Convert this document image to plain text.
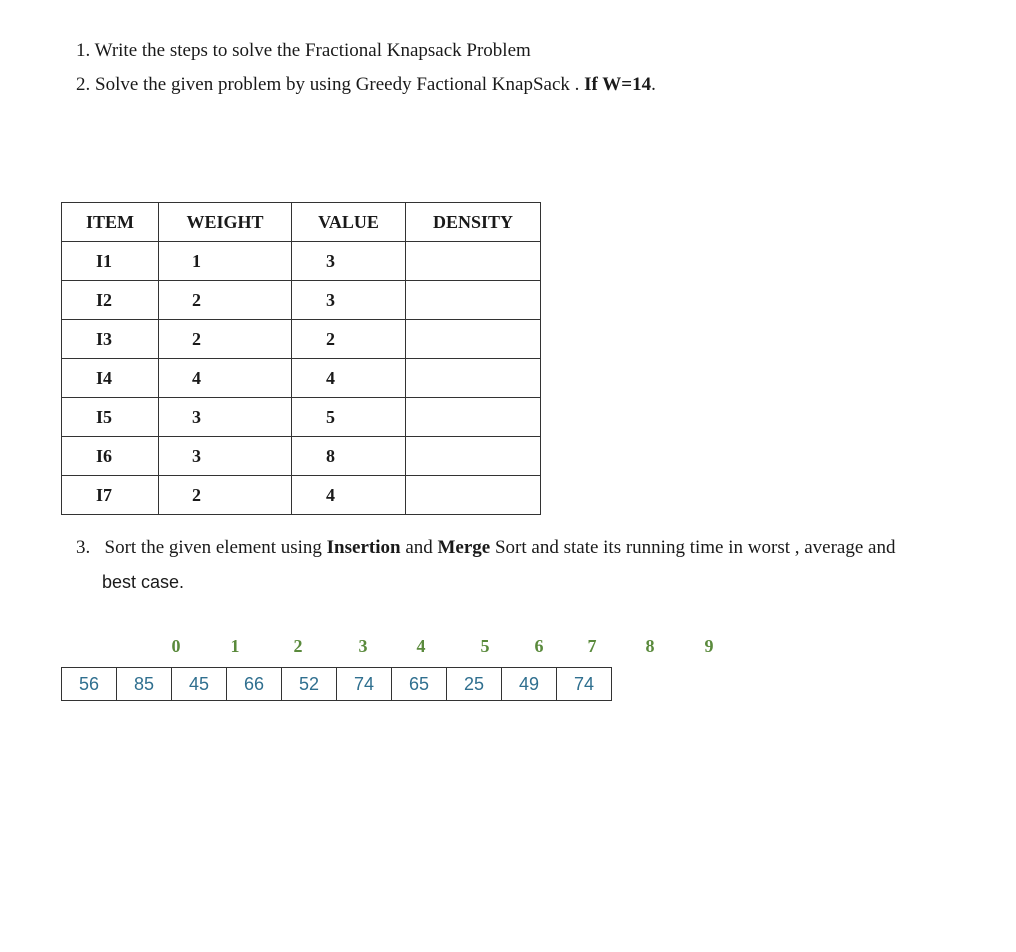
1. Write the steps to solve the Fractional Knapsack Problem
2. Solve the given problem by using Greedy Factional KnapSack . If W=14.
ITEM	WEIGHT	VALUE	DENSITY
I1	1	3	
I2	2	3	
I3	2	2	
I4	4	4	
I5	3	5	
I6	3	8	
I7	2	4	
3. Sort the given element using Insertion and Merge Sort and state its running time in worst , average and
best case.
0	1	2	3	4	5	6	7	8	9
56	85	45	66	52	74	65	25	49	74
